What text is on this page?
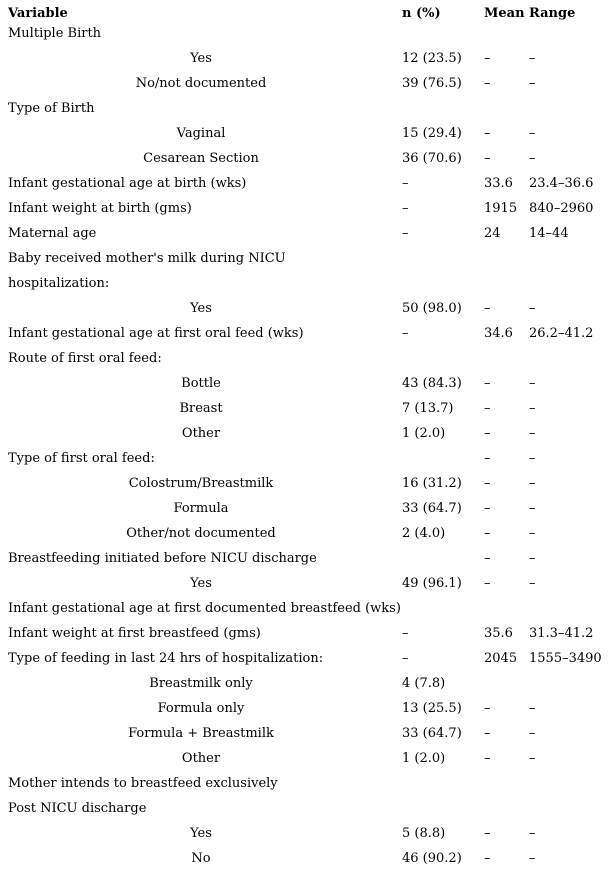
Variable	n (%)	Mean	Range
Multiple Birth			
Yes	12 (23.5)	–	–
No/not documented	39 (76.5)	–	–
Type of Birth			
Vaginal	15 (29.4)	–	–
Cesarean Section	36 (70.6)	–	–
Infant gestational age at birth (wks)	–	33.6	23.4–36.6
Infant weight at birth (gms)	–	1915	840–2960
Maternal age	–	24	14–44
Baby received mother's milk during NICU			
hospitalization:			
Yes	50 (98.0)	–	–
Infant gestational age at first oral feed (wks)	–	34.6	26.2–41.2
Route of first oral feed:			
Bottle	43 (84.3)	–	–
Breast	7 (13.7)	–	–
Other	1 (2.0)	–	–
Type of first oral feed:		–	–
Colostrum/Breastmilk	16 (31.2)	–	–
Formula	33 (64.7)	–	–
Other/not documented	2 (4.0)	–	–
Breastfeeding initiated before NICU discharge		–	–
Yes	49 (96.1)	–	–
Infant gestational age at first documented breastfeed (wks)			
Infant weight at first breastfeed (gms)	–	35.6	31.3–41.2
Type of feeding in last 24 hrs of hospitalization:	–	2045	1555–3490
Breastmilk only	4 (7.8)		
Formula only	13 (25.5)	–	–
Formula + Breastmilk	33 (64.7)	–	–
Other	1 (2.0)	–	–
Mother intends to breastfeed exclusively			
Post NICU discharge			
Yes	5 (8.8)	–	–
No	46 (90.2)	–	–
